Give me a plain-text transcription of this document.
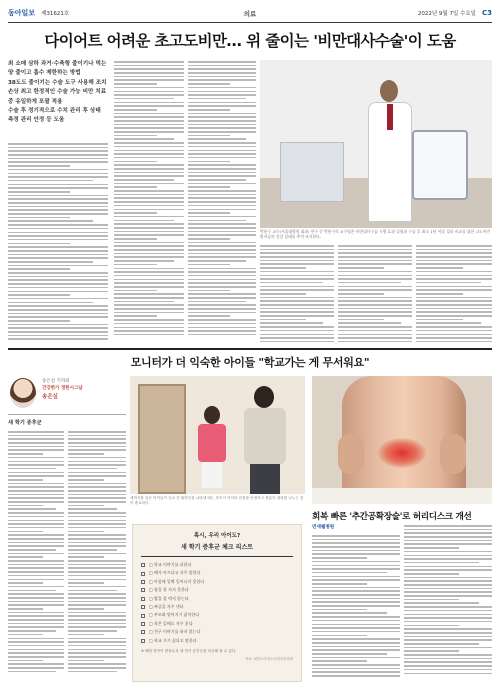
동아일보 제31621호	의료	2022년 9월 7일 수요일 C3
다이어트 어려운 초고도비만… 위 줄이는 '비만대사수술'이 도움
최 소매 삼하 과거·수축형 줄이기나 먹는 양 줄이고 흡수 제한하는 방법
38도도 줄이기는 수술 도구 사용해 조치 손상 최고 한정적인 수술 가능 비만 치료 중 유일하게 포괄 적용
수술 후 정기적으로 수치 관리 후 상태 측정 관리 안정 등 도움
박용수 교수(서울대병원 외과) 연구 중 박용수의 교수팀은 비만대사수술 시행 효과 실험과 수술 후 최소 1년 이상 성과 비교를 위한 고도비만 환자들의 건강 상태를 추적 조사한다.
모니터가 더 익숙한 아이들 "학교가는 게 무서워요"
송은실 기자의
건강한가 정한시그날
송은실
새 학기 증후군
새학기를 앞둔 아이들이 등교 전 불안감을 나타낼 때는 부모가 아이의 감정을 인정하고 충분히 대화를 나누는 것이 중요하다.
혹시, 우리 아이도?
새 학기 증후군 체크 리스트
□ 학교 이야기를 피한다
□ 배가 아프다고 자주 말한다
□ 아침에 일찍 일어나지 못한다
□ 잠을 잘 자지 못한다
□ 밥을 잘 먹지 않는다
□ 짜증을 자주 낸다
□ 부모와 떨어지기 싫어한다
□ 작은 일에도 자주 운다
□ 친구 이야기를 하지 않는다
□ 학교 가기 싫다고 말한다
※ 해당 항목이 많을수록 새 학기 증후군을 의심해 볼 수 있다.
자료: 대한소아청소년정신의학회
회복 빠른 '추간공확장술'로 허리디스크 개선
연세웰병원
